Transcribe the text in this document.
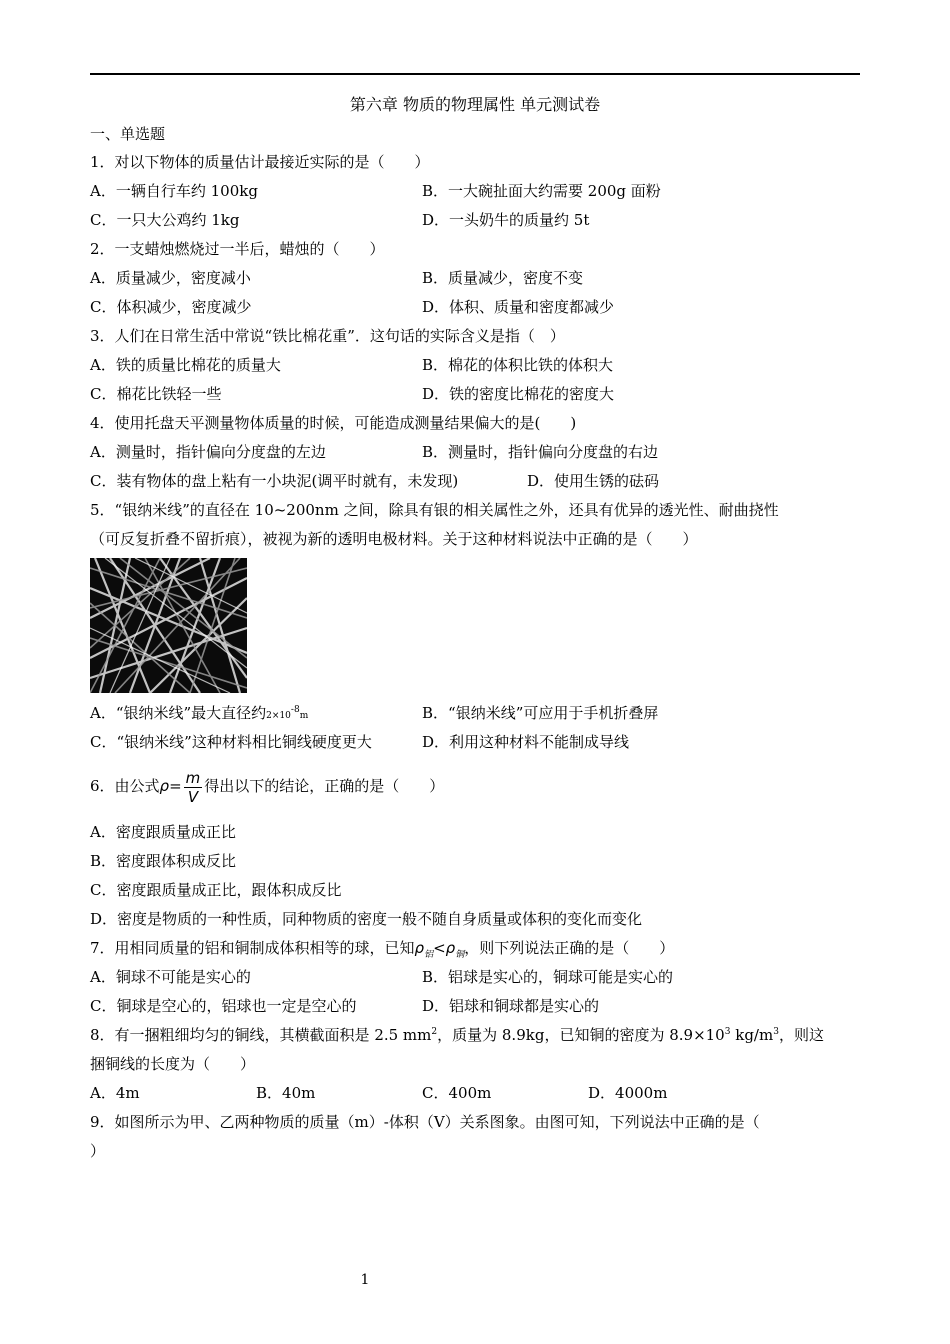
第六章 物质的物理属性 单元测试卷
一、单选题
1．对以下物体的质量估计最接近实际的是（　　）
A．一辆自行车约 100kg	B．一大碗扯面大约需要 200g 面粉
C．一只大公鸡约 1kg	D．一头奶牛的质量约 5t
2．一支蜡烛燃烧过一半后，蜡烛的（　　）
A．质量减少，密度减小	B．质量减少，密度不变
C．体积减少，密度减少	D．体积、质量和密度都减少
3．人们在日常生活中常说“铁比棉花重”．这句话的实际含义是指（　）
A．铁的质量比棉花的质量大	B．棉花的体积比铁的体积大
C．棉花比铁轻一些	D．铁的密度比棉花的密度大
4．使用托盘天平测量物体质量的时候，可能造成测量结果偏大的是(　　)
A．测量时，指针偏向分度盘的左边	B．测量时，指针偏向分度盘的右边
C．装有物体的盘上粘有一小块泥(调平时就有，未发现)	D．使用生锈的砝码
5．“银纳米线”的直径在 10~200nm 之间，除具有银的相关属性之外，还具有优异的透光性、耐曲挠性
（可反复折叠不留折痕），被视为新的透明电极材料。关于这种材料说法中正确的是（　　）
A．“银纳米线”最大直径约$2\times 10^{-8}m$	B．“银纳米线”可应用于手机折叠屏
C．“银纳米线”这种材料相比铜线硬度更大	D．利用这种材料不能制成导线
6．由公式$\rho= \frac{m}{V}$ 得出以下的结论，正确的是（　　）
A．密度跟质量成正比
B．密度跟体积成反比
C．密度跟质量成正比，跟体积成反比
D．密度是物质的一种性质，同种物质的密度一般不随自身质量或体积的变化而变化
7．用相同质量的铝和铜制成体积相等的球，已知$\rho_铝<\rho_铜$，则下列说法正确的是（　　）
A．铜球不可能是实心的	B．铝球是实心的，铜球可能是实心的
C．铜球是空心的，铝球也一定是空心的	D．铝球和铜球都是实心的
8．有一捆粗细均匀的铜线，其横截面积是 2.5 $mm^2$，质量为 8.9kg，已知铜的密度为 $8.9\times 10^3$ $kg/m^3$，则这
捆铜线的长度为（　　）
A．4m	B．40m	C．400m	D．4000m
9．如图所示为甲、乙两种物质的质量（m）-体积（V）关系图象。由图可知，下列说法中正确的是（
）
1
